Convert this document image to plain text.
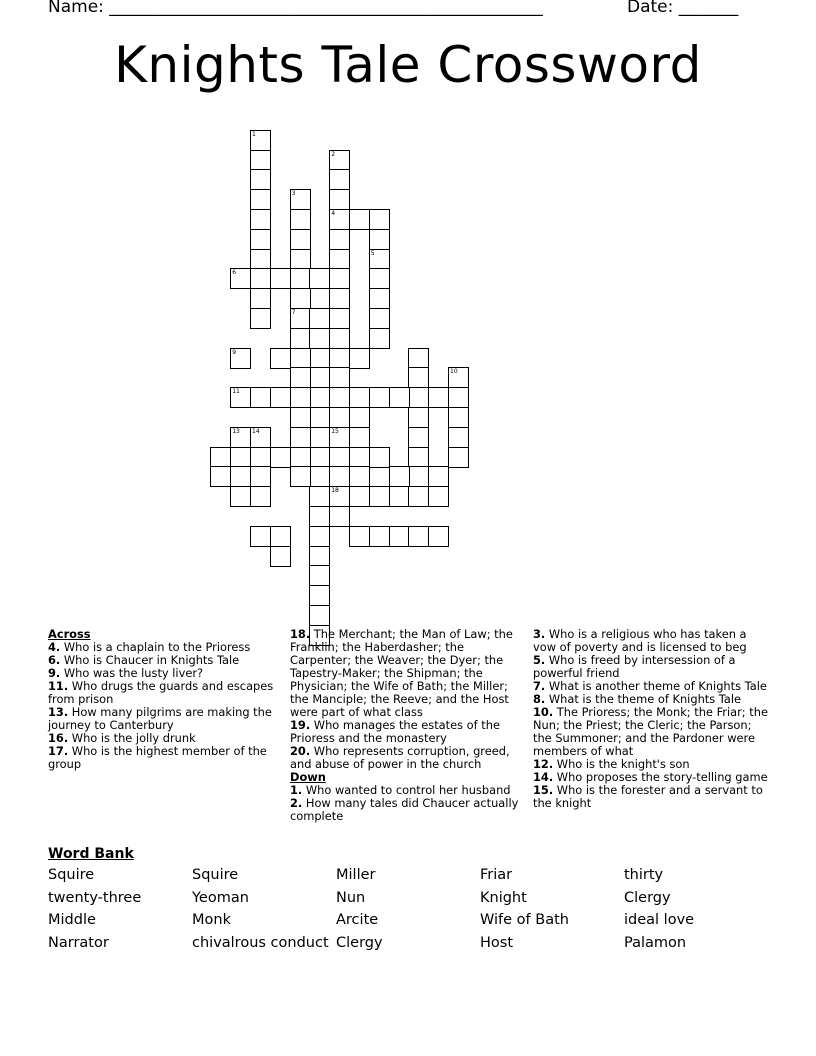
Name: ___________________________________________________	Date: _______
Knights Tale Crossword
1
2
4
15
18
3
7
5
6
10
9
11
13 14

Across

4. Who is a chaplain to the Prioress

6. Who is Chaucer in Knights Tale

9. Who was the lusty liver?

11. Who drugs the guards and escapes from prison

13. How many pilgrims are making the journey to Canterbury

16. Who is the jolly drunk

17. Who is the highest member of the group

18. The Merchant; the Man of Law; the Franklin; the Haberdasher; the Carpenter; the Weaver; the Dyer; the Tapestry-Maker; the Shipman; the Physician; the Wife of Bath; the Miller; the Manciple; the Reeve; and the Host were part of what class

19. Who manages the estates of the Prioress and the monastery

20. Who represents corruption, greed, and abuse of power in the church

Down

1. Who wanted to control her husband

2. How many tales did Chaucer actually complete

3. Who is a religious who has taken a vow of poverty and is licensed to beg

5. Who is freed by intersession of a powerful friend

7. What is another theme of Knights Tale

8. What is the theme of Knights Tale

10. The Prioress; the Monk; the Friar; the Nun; the Priest; the Cleric; the Parson; the Summoner; and the Pardoner were members of what

12. Who is the knight's son

14. Who proposes the story-telling game

15. Who is the forester and a servant to the knight

Word Bank
Squire
twenty-three
Middle
Narrator
Squire
Yeoman
Monk
chivalrous conduct
Miller
Nun
Arcite
Clergy
Friar
Knight
Wife of Bath
Host
thirty
Clergy
ideal love
Palamon
